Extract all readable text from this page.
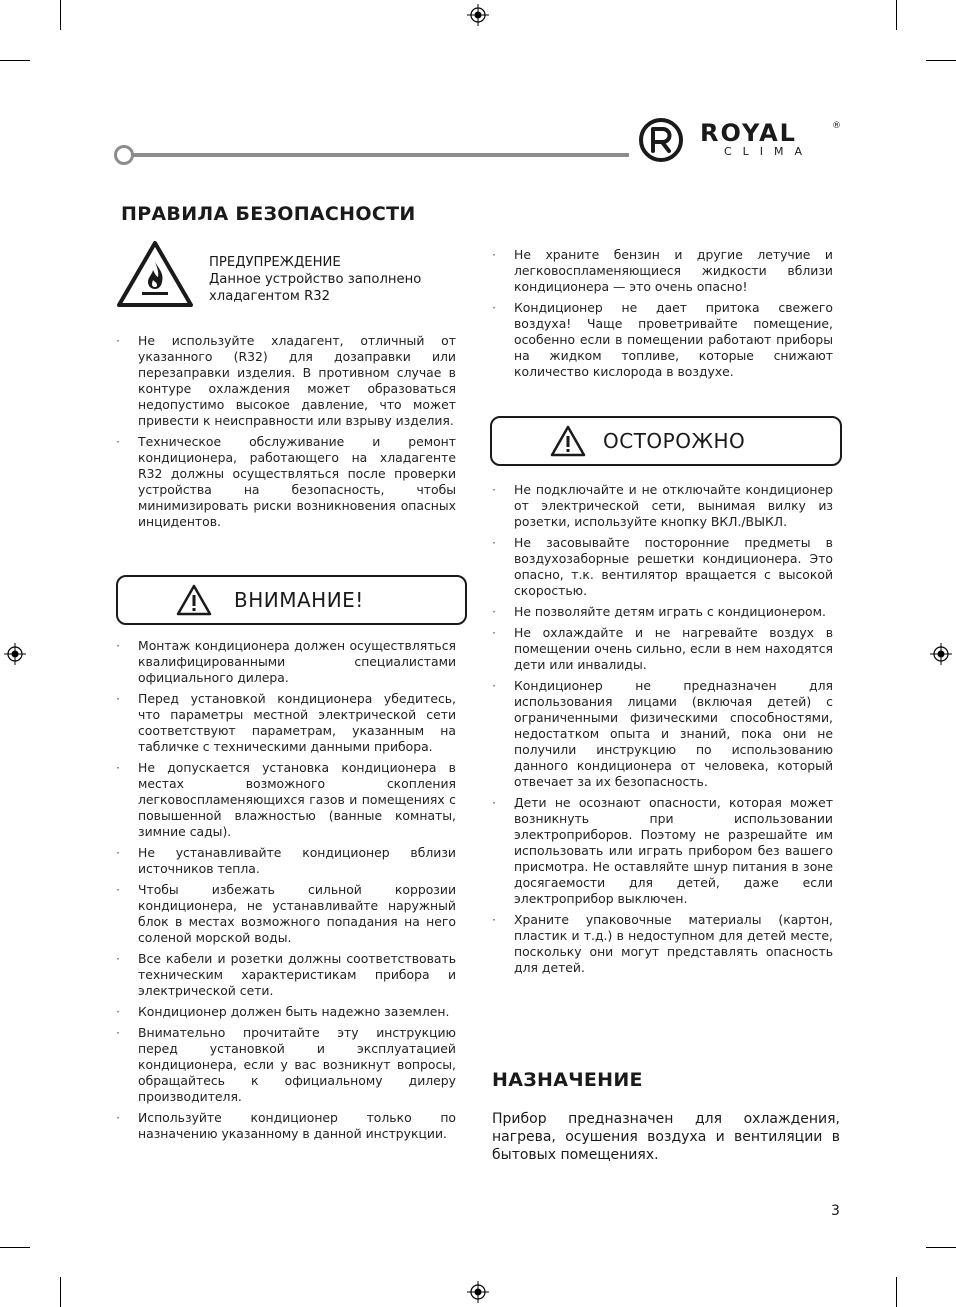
ROYAL	®
CLIMA
ПРАВИЛА БЕЗОПАСНОСТИ
ПРЕДУПРЕЖДЕНИЕ
Данное устройство заполнено
хладагентом R32
· Не используйте хладагент, отличный от указанного (R32) для дозаправки или перезаправки изделия. В противном случае в контуре охлаждения может образоваться недопустимо высокое давление, что может привести к неисправности или взрыву изделия.
· Техническое обслуживание и ремонт кондиционера, работающего на хладагенте R32 должны осуществляться после проверки устройства на безопасность, чтобы минимизировать риски возникновения опасных инцидентов.
ВНИМАНИЕ!
· Монтаж кондиционера должен осуществляться квалифицированными специалистами официального дилера.
· Перед установкой кондиционера убедитесь, что параметры местной электрической сети соответствуют параметрам, указанным на табличке с техническими данными прибора.
· Не допускается установка кондиционера в местах возможного скопления легковоспламеняющихся газов и помещениях с повышенной влажностью (ванные комнаты, зимние сады).
· Не устанавливайте кондиционер вблизи источников тепла.
· Чтобы избежать сильной коррозии кондиционера, не устанавливайте наружный блок в местах возможного попадания на него соленой морской воды.
· Все кабели и розетки должны соответствовать техническим характеристикам прибора и электрической сети.
· Кондиционер должен быть надежно заземлен.
· Внимательно прочитайте эту инструкцию перед установкой и эксплуатацией кондиционера, если у вас возникнут вопросы, обращайтесь к официальному дилеру производителя.
· Используйте кондиционер только по назначению указанному в данной инструкции.
· Не храните бензин и другие летучие и легковоспламеняющиеся жидкости вблизи кондиционера — это очень опасно!
· Кондиционер не дает притока свежего воздуха! Чаще проветривайте помещение, особенно если в помещении работают приборы на жидком топливе, которые снижают количество кислорода в воздухе.
ОСТОРОЖНО
· Не подключайте и не отключайте кондиционер от электрической сети, вынимая вилку из розетки, используйте кнопку ВКЛ./ВЫКЛ.
· Не засовывайте посторонние предметы в воздухозаборные решетки кондиционера. Это опасно, т.к. вентилятор вращается с высокой скоростью.
· Не позволяйте детям играть с кондиционером.
· Не охлаждайте и не нагревайте воздух в помещении очень сильно, если в нем находятся дети или инвалиды.
· Кондиционер не предназначен для использования лицами (включая детей) с ограниченными физическими способностями, недостатком опыта и знаний, пока они не получили инструкцию по использованию данного кондиционера от человека, который отвечает за их безопасность.
· Дети не осознают опасности, которая может возникнуть при использовании электроприборов. Поэтому не разрешайте им использовать или играть прибором без вашего присмотра. Не оставляйте шнур питания в зоне досягаемости для детей, даже если электроприбор выключен.
· Храните упаковочные материалы (картон, пластик и т.д.) в недоступном для детей месте, поскольку они могут представлять опасность для детей.
НАЗНАЧЕНИЕ
Прибор предназначен для охлаждения, нагрева, осушения воздуха и вентиляции в бытовых помещениях.
3
